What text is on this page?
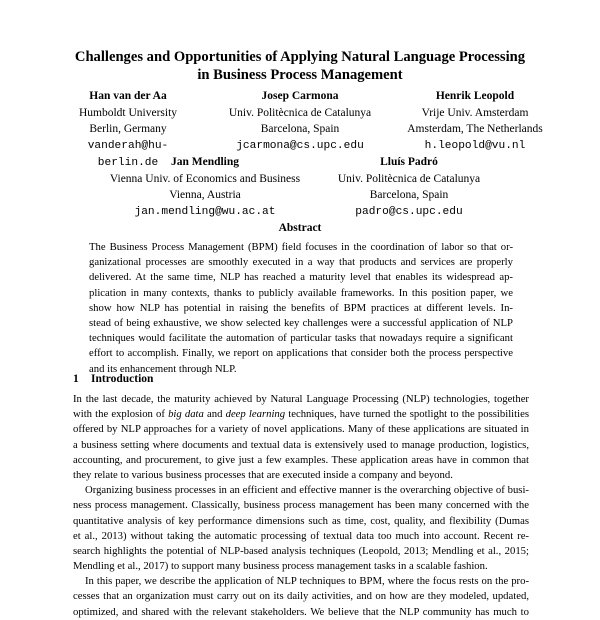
Challenges and Opportunities of Applying Natural Language Processing
in Business Process Management
Han van der Aa
Humboldt University
Berlin, Germany
vanderah@hu-berlin.de
Josep Carmona
Univ. Politècnica de Catalunya
Barcelona, Spain
jcarmona@cs.upc.edu
Henrik Leopold
Vrije Univ. Amsterdam
Amsterdam, The Netherlands
h.leopold@vu.nl
Jan Mendling
Vienna Univ. of Economics and Business
Vienna, Austria
jan.mendling@wu.ac.at
Lluís Padró
Univ. Politècnica de Catalunya
Barcelona, Spain
padro@cs.upc.edu
Abstract
The Business Process Management (BPM) field focuses in the coordination of labor so that or-
ganizational processes are smoothly executed in a way that products and services are properly
delivered. At the same time, NLP has reached a maturity level that enables its widespread ap-
plication in many contexts, thanks to publicly available frameworks. In this position paper, we
show how NLP has potential in raising the benefits of BPM practices at different levels. In-
stead of being exhaustive, we show selected key challenges were a successful application of NLP
techniques would facilitate the automation of particular tasks that nowadays require a significant
effort to accomplish. Finally, we report on applications that consider both the process perspective
and its enhancement through NLP.
1 Introduction
In the last decade, the maturity achieved by Natural Language Processing (NLP) technologies, together
with the explosion of big data and deep learning techniques, have turned the spotlight to the possibilities
offered by NLP approaches for a variety of novel applications. Many of these applications are situated in
a business setting where documents and textual data is extensively used to manage production, logistics,
accounting, and procurement, to give just a few examples. These application areas have in common that
they relate to various business processes that are executed inside a company and beyond.
Organizing business processes in an efficient and effective manner is the overarching objective of busi-
ness process management. Classically, business process management has been many concerned with the
quantitative analysis of key performance dimensions such as time, cost, quality, and flexibility (Dumas
et al., 2013) without taking the automatic processing of textual data too much into account. Recent re-
search highlights the potential of NLP-based analysis techniques (Leopold, 2013; Mendling et al., 2015;
Mendling et al., 2017) to support many business process management tasks in a scalable fashion.
In this paper, we describe the application of NLP techniques to BPM, where the focus rests on the pro-
cesses that an organization must carry out on its daily activities, and on how are they modeled, updated,
optimized, and shared with the relevant stakeholders. We believe that the NLP community has much to
